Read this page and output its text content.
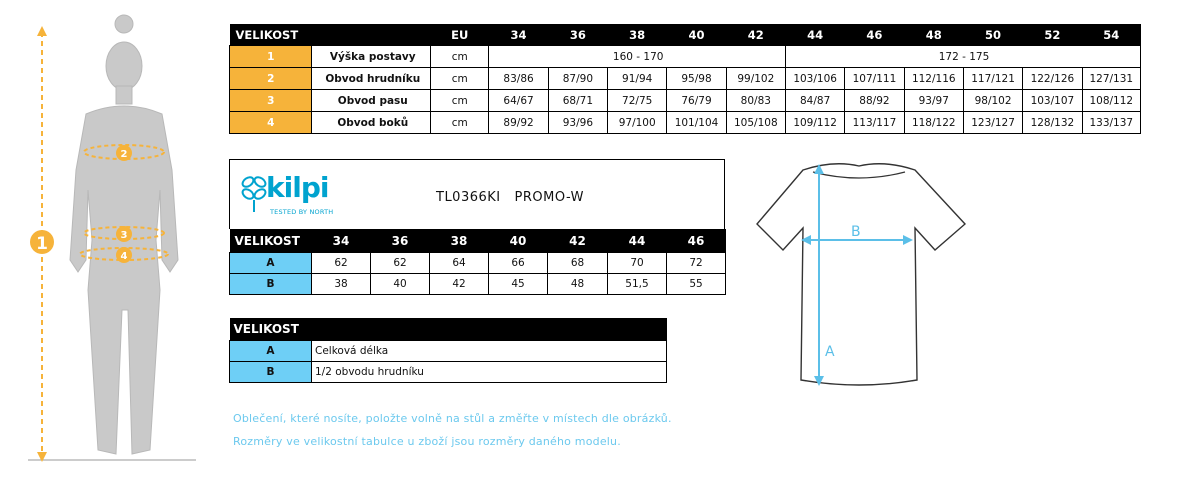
1
2
3
4
VELIKOST		EU	34	36	38	40	42	44	46	48	50	52	54
1	Výška postavy	cm	160 - 170					172 - 175					
2	Obvod hrudníku	cm	83/86	87/90	91/94	95/98	99/102	103/106	107/111	112/116	117/121	122/126	127/131
3	Obvod pasu	cm	64/67	68/71	72/75	76/79	80/83	84/87	88/92	93/97	98/102	103/107	108/112
4	Obvod boků	cm	89/92	93/96	97/100	101/104	105/108	109/112	113/117	118/122	123/127	128/132	133/137
kilpi
TESTED BY NORTH
TL0366KI   PROMO-W
VELIKOST	34	36	38	40	42	44	46
A	62	62	64	66	68	70	72
B	38	40	42	45	48	51,5	55
VELIKOST	
A	Celková délka
B	1/2 obvodu hrudníku
A
B
Oblečení, které nosíte, položte volně na stůl a změřte v místech dle obrázků.
Rozměry ve velikostní tabulce u zboží jsou rozměry daného modelu.
